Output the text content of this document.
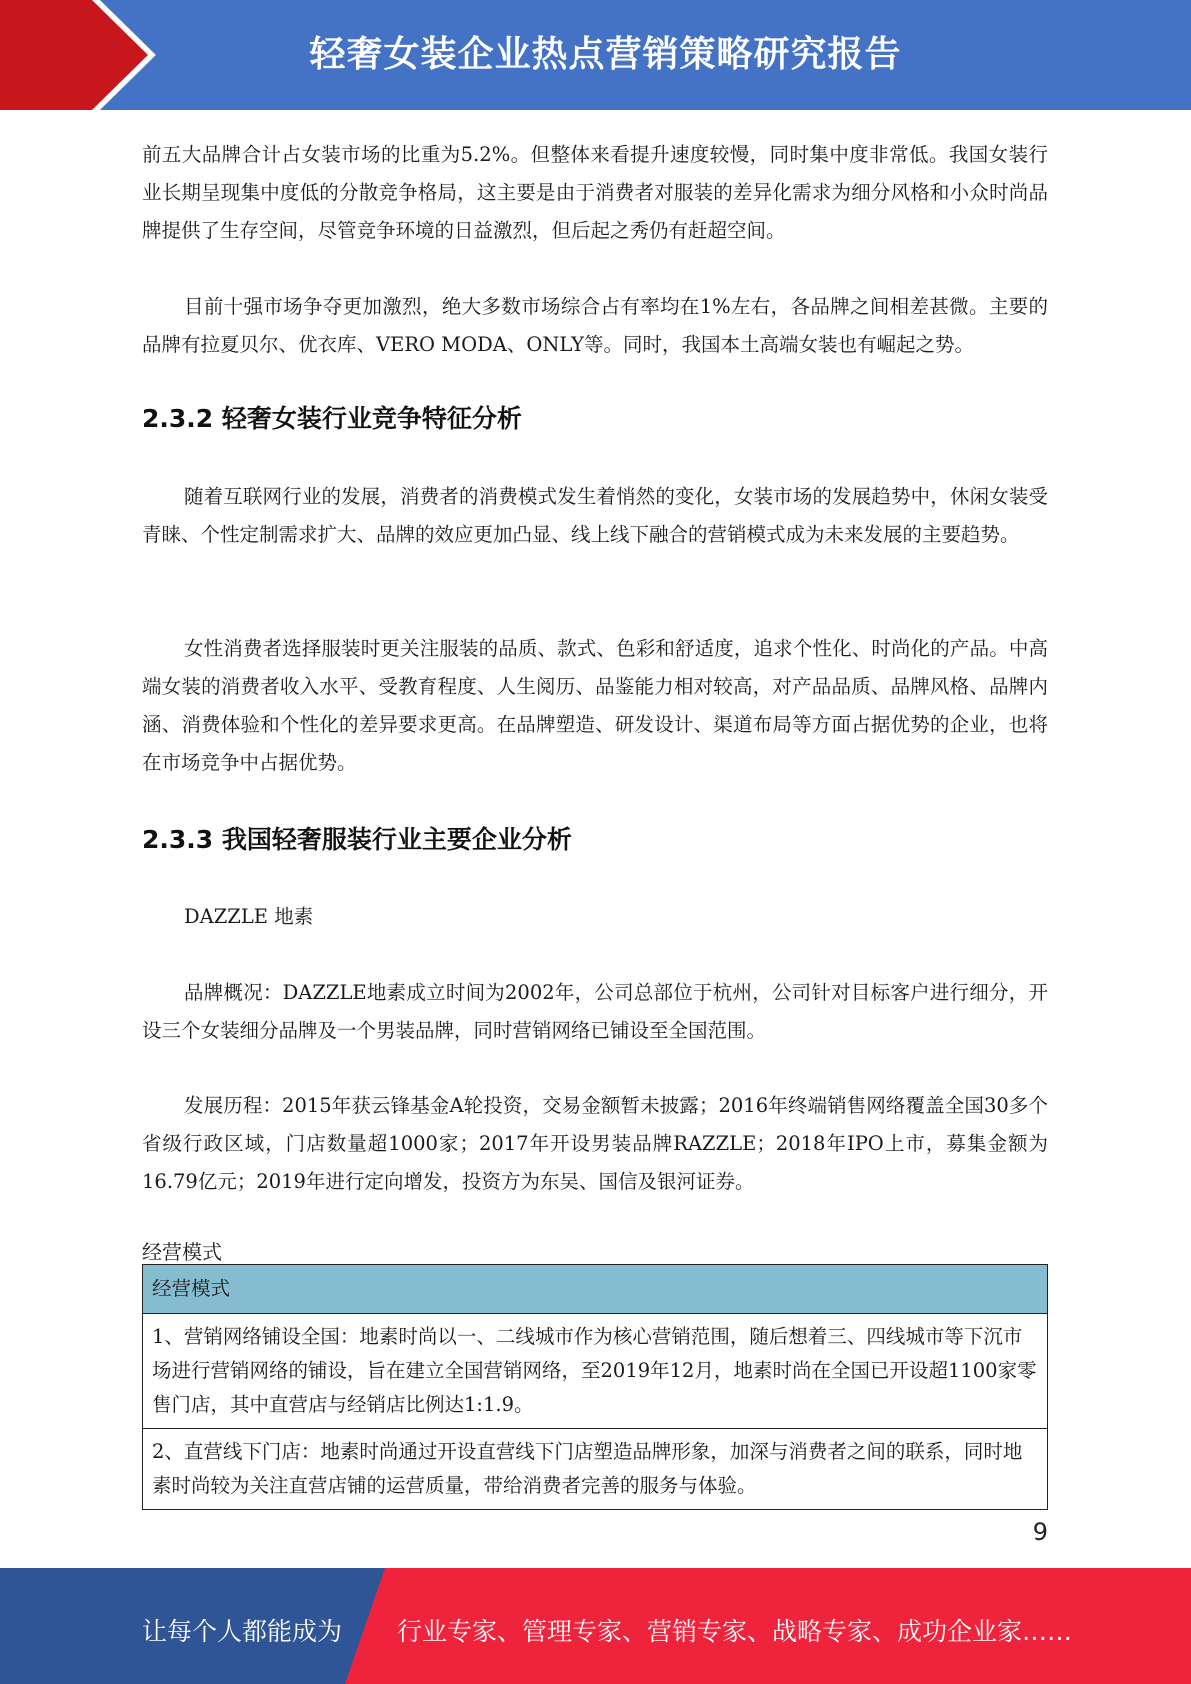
轻奢女装企业热点营销策略研究报告

前五大品牌合计占女装市场的比重为5.2%。但整体来看提升速度较慢，同时集中度非常低。我国女装行业长期呈现集中度低的分散竞争格局，这主要是由于消费者对服装的差异化需求为细分风格和小众时尚品牌提供了生存空间，尽管竞争环境的日益激烈，但后起之秀仍有赶超空间。

目前十强市场争夺更加激烈，绝大多数市场综合占有率均在1%左右，各品牌之间相差甚微。主要的品牌有拉夏贝尔、优衣库、VERO MODA、ONLY等。同时，我国本土高端女装也有崛起之势。

2.3.2 轻奢女装行业竞争特征分析

随着互联网行业的发展，消费者的消费模式发生着悄然的变化，女装市场的发展趋势中，休闲女装受青睐、个性定制需求扩大、品牌的效应更加凸显、线上线下融合的营销模式成为未来发展的主要趋势。

女性消费者选择服装时更关注服装的品质、款式、色彩和舒适度，追求个性化、时尚化的产品。中高端女装的消费者收入水平、受教育程度、人生阅历、品鉴能力相对较高，对产品品质、品牌风格、品牌内涵、消费体验和个性化的差异要求更高。在品牌塑造、研发设计、渠道布局等方面占据优势的企业，也将在市场竞争中占据优势。

2.3.3 我国轻奢服装行业主要企业分析

DAZZLE 地素

品牌概况：DAZZLE地素成立时间为2002年，公司总部位于杭州，公司针对目标客户进行细分，开设三个女装细分品牌及一个男装品牌，同时营销网络已铺设至全国范围。

发展历程：2015年获云锋基金A轮投资，交易金额暂未披露；2016年终端销售网络覆盖全国30多个省级行政区域，门店数量超1000家；2017年开设男装品牌RAZZLE；2018年IPO上市，募集金额为16.79亿元；2019年进行定向增发，投资方为东吴、国信及银河证券。

经营模式
经营模式
1、营销网络铺设全国：地素时尚以一、二线城市作为核心营销范围，随后想着三、四线城市等下沉市场进行营销网络的铺设，旨在建立全国营销网络，至2019年12月，地素时尚在全国已开设超1100家零售门店，其中直营店与经销店比例达1:1.9。
2、直营线下门店：地素时尚通过开设直营线下门店塑造品牌形象，加深与消费者之间的联系，同时地素时尚较为关注直营店铺的运营质量，带给消费者完善的服务与体验。
9
让每个人都能成为 行业专家、管理专家、营销专家、战略专家、成功企业家……
